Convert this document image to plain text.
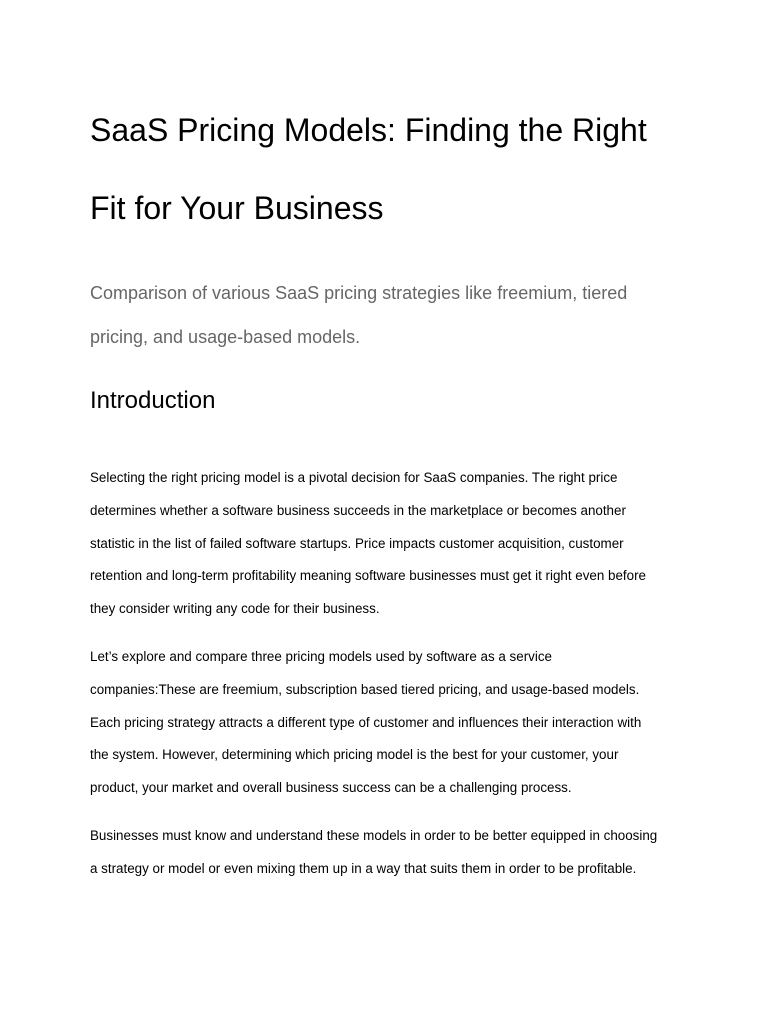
SaaS Pricing Models: Finding the Right
Fit for Your Business

Comparison of various SaaS pricing strategies like freemium, tiered
pricing, and usage-based models.

Introduction

Selecting the right pricing model is a pivotal decision for SaaS companies. The right price
determines whether a software business succeeds in the marketplace or becomes another
statistic in the list of failed software startups. Price impacts customer acquisition, customer
retention and long-term profitability meaning software businesses must get it right even before
they consider writing any code for their business.

Let’s explore and compare three pricing models used by software as a service
companies:These are freemium, subscription based tiered pricing, and usage-based models.
Each pricing strategy attracts a different type of customer and influences their interaction with
the system. However, determining which pricing model is the best for your customer, your
product, your market and overall business success can be a challenging process.

Businesses must know and understand these models in order to be better equipped in choosing
a strategy or model or even mixing them up in a way that suits them in order to be profitable.
